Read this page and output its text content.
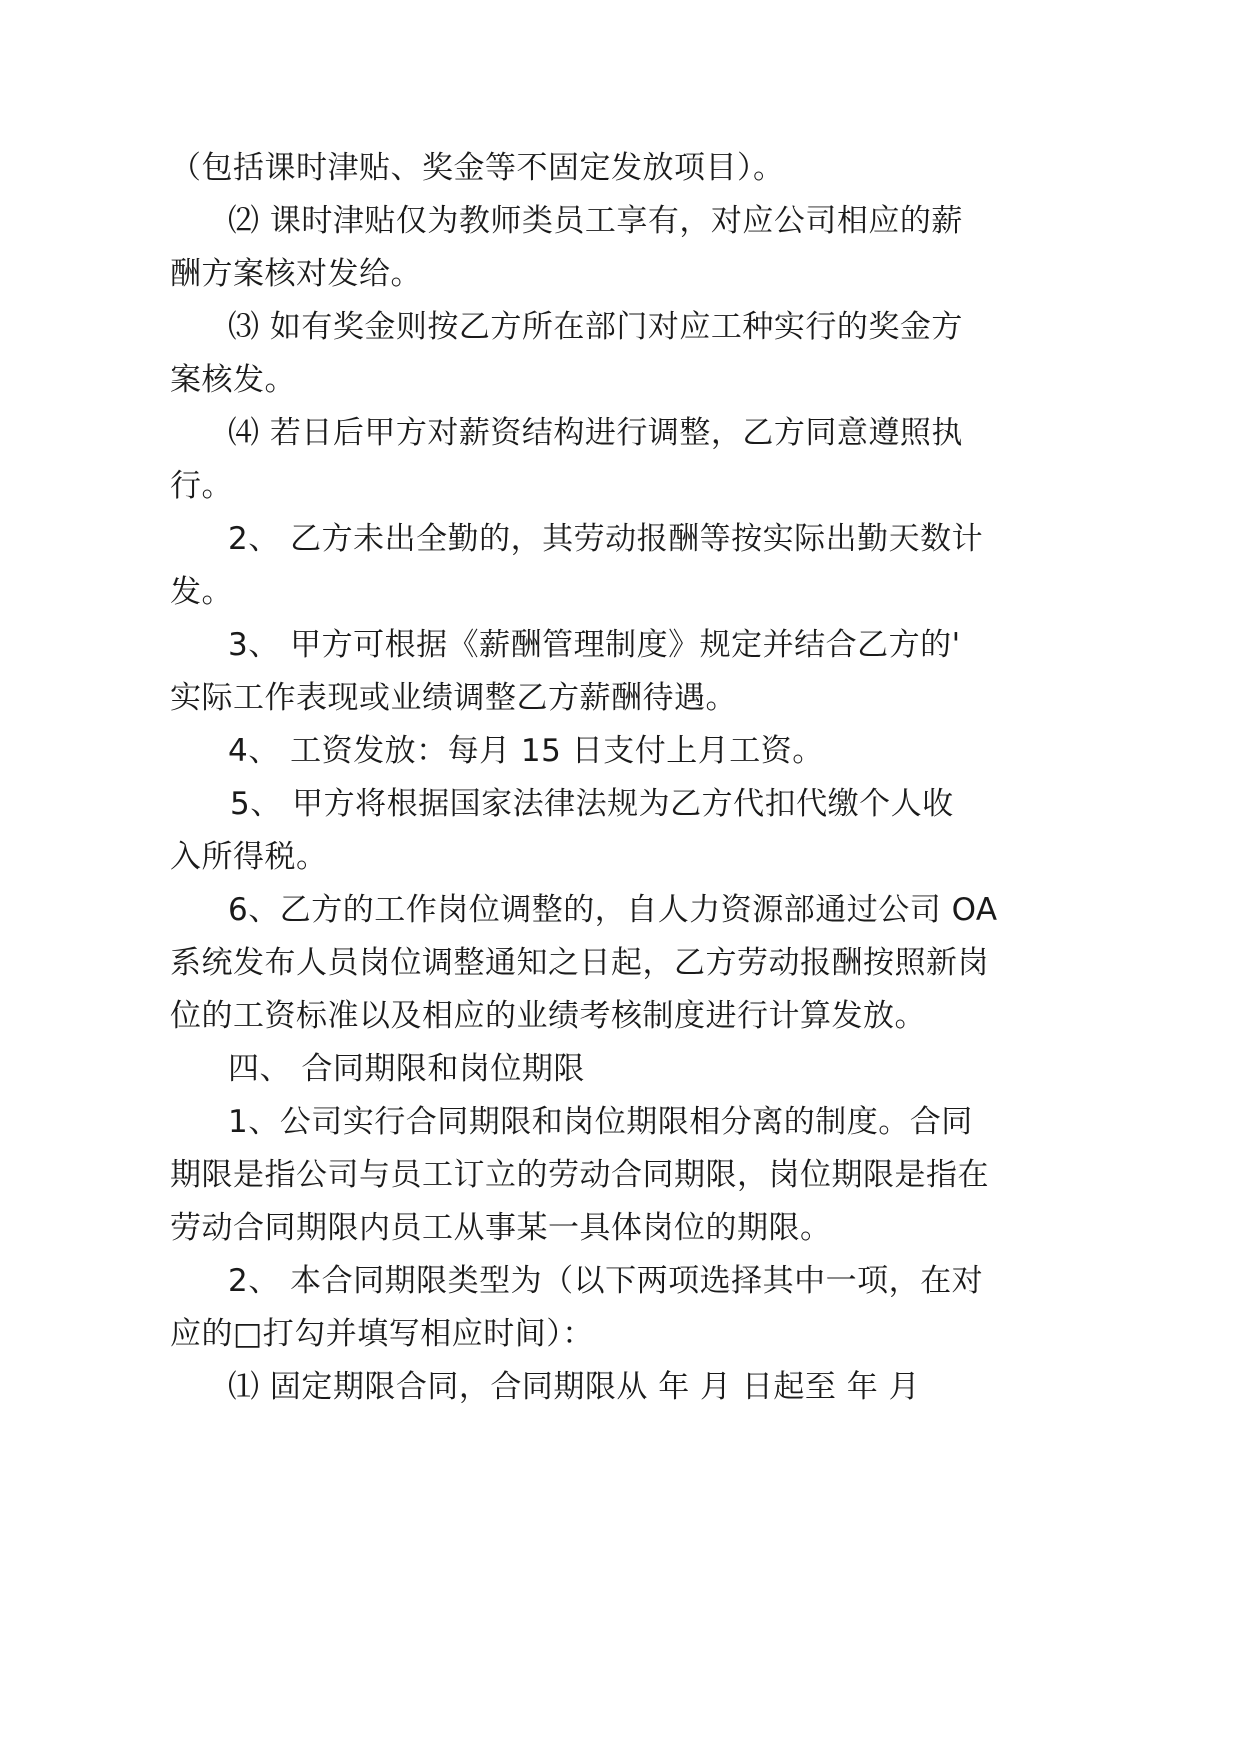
（包括课时津贴、奖金等不固定发放项目）。

⑵ 课时津贴仅为教师类员工享有，对应公司相应的薪

酬方案核对发给。

⑶ 如有奖金则按乙方所在部门对应工种实行的奖金方

案核发。

⑷ 若日后甲方对薪资结构进行调整，乙方同意遵照执

行。

2、 乙方未出全勤的，其劳动报酬等按实际出勤天数计

发。

3、 甲方可根据《薪酬管理制度》规定并结合乙方的'

实际工作表现或业绩调整乙方薪酬待遇。

4、 工资发放：每月 15 日支付上月工资。

5、 甲方将根据国家法律法规为乙方代扣代缴个人收

入所得税。

6、乙方的工作岗位调整的，自人力资源部通过公司 OA

系统发布人员岗位调整通知之日起，乙方劳动报酬按照新岗

位的工资标准以及相应的业绩考核制度进行计算发放。

四、 合同期限和岗位期限

1、公司实行合同期限和岗位期限相分离的制度。合同

期限是指公司与员工订立的劳动合同期限，岗位期限是指在

劳动合同期限内员工从事某一具体岗位的期限。

2、 本合同期限类型为（以下两项选择其中一项，在对

应的□打勾并填写相应时间）：

⑴ 固定期限合同，合同期限从 年 月 日起至 年 月
